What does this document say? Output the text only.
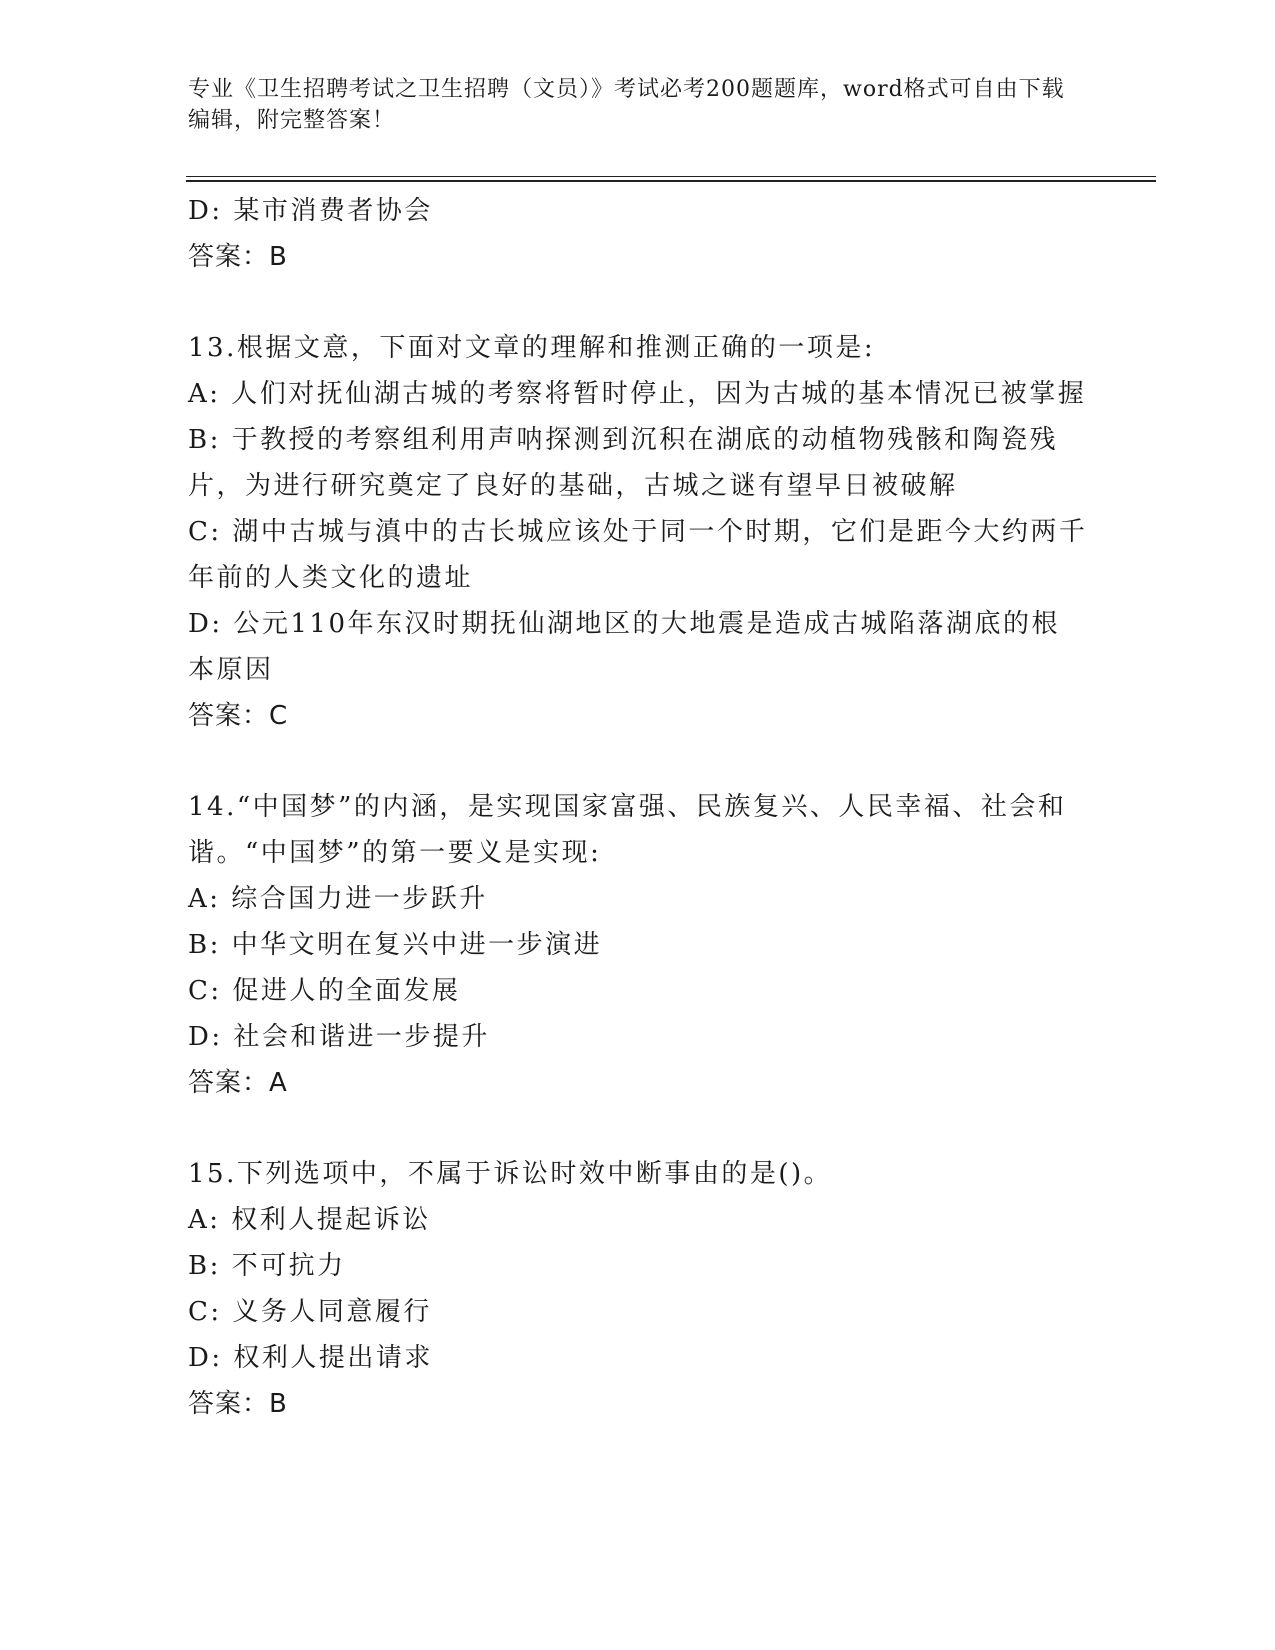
专业《卫生招聘考试之卫生招聘（文员）》考试必考200题题库，word格式可自由下载编辑，附完整答案！
D: 某市消费者协会
答案：B
13.根据文意，下面对文章的理解和推测正确的一项是:
A: 人们对抚仙湖古城的考察将暂时停止，因为古城的基本情况已被掌握
B: 于教授的考察组利用声呐探测到沉积在湖底的动植物残骸和陶瓷残片，为进行研究奠定了良好的基础，古城之谜有望早日被破解
C: 湖中古城与滇中的古长城应该处于同一个时期，它们是距今大约两千年前的人类文化的遗址
D: 公元110年东汉时期抚仙湖地区的大地震是造成古城陷落湖底的根本原因
答案：C
14.“中国梦”的内涵，是实现国家富强、民族复兴、人民幸福、社会和谐。“中国梦”的第一要义是实现:
A: 综合国力进一步跃升
B: 中华文明在复兴中进一步演进
C: 促进人的全面发展
D: 社会和谐进一步提升
答案：A
15.下列选项中，不属于诉讼时效中断事由的是()。
A: 权利人提起诉讼
B: 不可抗力
C: 义务人同意履行
D: 权利人提出请求
答案：B
